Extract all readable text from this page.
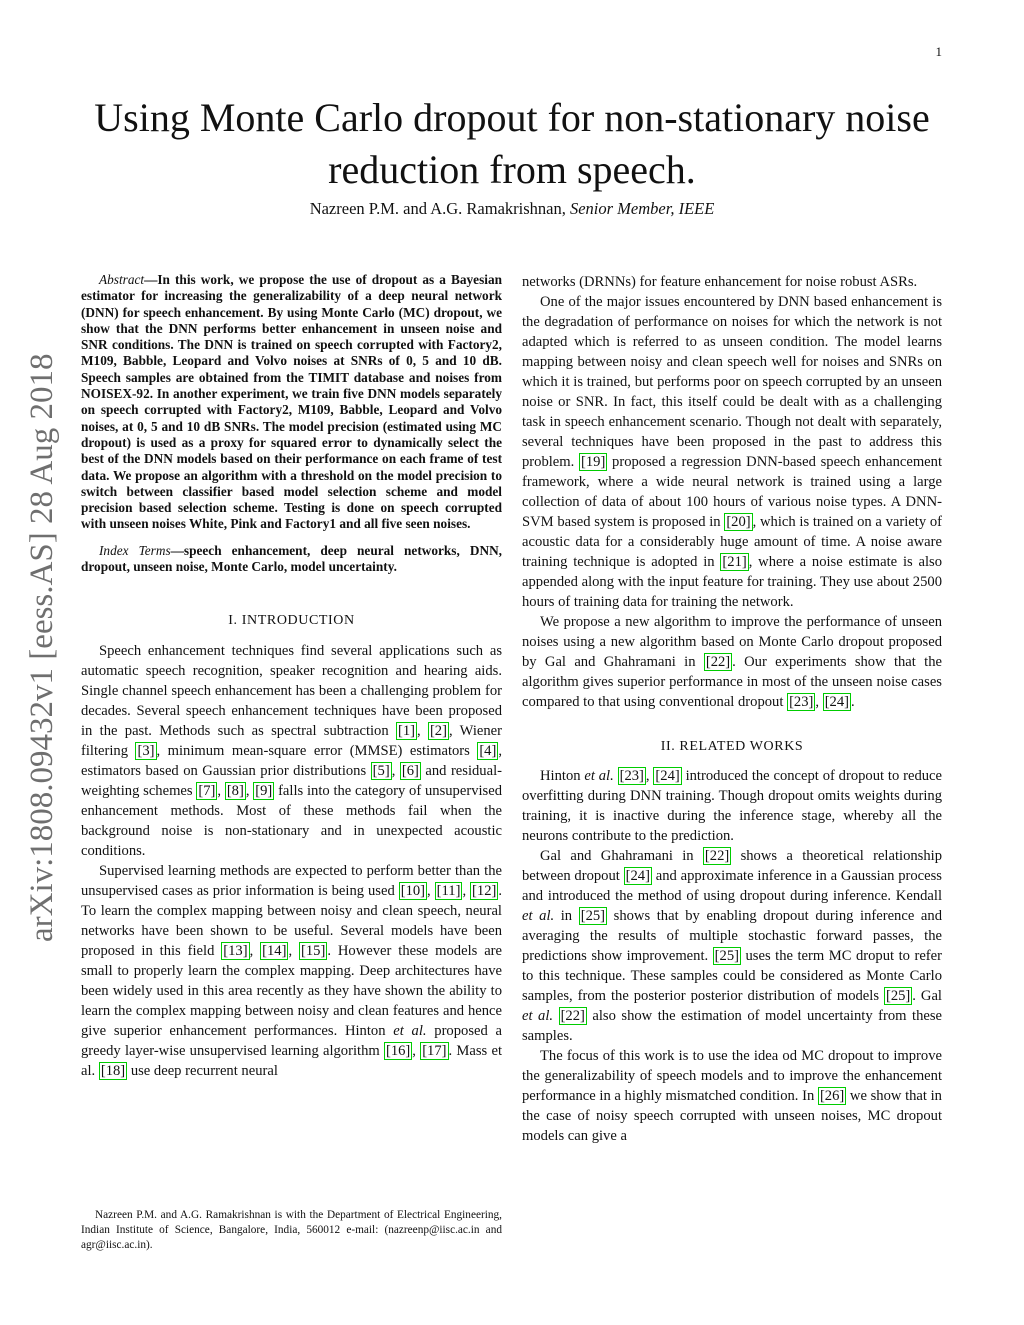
1
arXiv:1808.09432v1 [eess.AS] 28 Aug 2018
Using Monte Carlo dropout for non-stationary noise reduction from speech.
Nazreen P.M. and A.G. Ramakrishnan, Senior Member, IEEE

Abstract—In this work, we propose the use of dropout as a Bayesian estimator for increasing the generalizability of a deep neural network (DNN) for speech enhancement. By using Monte Carlo (MC) dropout, we show that the DNN performs better enhancement in unseen noise and SNR conditions. The DNN is trained on speech corrupted with Factory2, M109, Babble, Leopard and Volvo noises at SNRs of 0, 5 and 10 dB. Speech samples are obtained from the TIMIT database and noises from NOISEX-92. In another experiment, we train five DNN models separately on speech corrupted with Factory2, M109, Babble, Leopard and Volvo noises, at 0, 5 and 10 dB SNRs. The model precision (estimated using MC dropout) is used as a proxy for squared error to dynamically select the best of the DNN models based on their performance on each frame of test data. We propose an algorithm with a threshold on the model precision to switch between classifier based model selection scheme and model precision based selection scheme. Testing is done on speech corrupted with unseen noises White, Pink and Factory1 and all five seen noises.

Index Terms—speech enhancement, deep neural networks, DNN, dropout, unseen noise, Monte Carlo, model uncertainty.

I. INTRODUCTION

Speech enhancement techniques find several applications such as automatic speech recognition, speaker recognition and hearing aids. Single channel speech enhancement has been a challenging problem for decades. Several speech enhancement techniques have been proposed in the past. Methods such as spectral subtraction [1] , [2] , Wiener filtering [3] , minimum mean-square error (MMSE) estimators [4] , estimators based on Gaussian prior distributions [5] , [6] and residual-weighting schemes [7] , [8] , [9] falls into the category of unsupervised enhancement methods. Most of these methods fail when the background noise is non-stationary and in unexpected acoustic conditions.

Supervised learning methods are expected to perform better than the unsupervised cases as prior information is being used [10] , [11] , [12] . To learn the complex mapping between noisy and clean speech, neural networks have been shown to be useful. Several models have been proposed in this field [13] , [14] , [15] . However these models are small to properly learn the complex mapping. Deep architectures have been widely used in this area recently as they have shown the ability to learn the complex mapping between noisy and clean features and hence give superior enhancement performances. Hinton et al. proposed a greedy layer-wise unsupervised learning algorithm [16] , [17] . Mass et al. [18] use deep recurrent neural

networks (DRNNs) for feature enhancement for noise robust ASRs.

One of the major issues encountered by DNN based enhancement is the degradation of performance on noises for which the network is not adapted which is referred to as unseen condition. The model learns mapping between noisy and clean speech well for noises and SNRs on which it is trained, but performs poor on speech corrupted by an unseen noise or SNR. In fact, this itself could be dealt with as a challenging task in speech enhancement scenario. Though not dealt with separately, several techniques have been proposed in the past to address this problem. [19] proposed a regression DNN-based speech enhancement framework, where a wide neural network is trained using a large collection of data of about 100 hours of various noise types. A DNN-SVM based system is proposed in [20] , which is trained on a variety of acoustic data for a considerably huge amount of time. A noise aware training technique is adopted in [21] , where a noise estimate is also appended along with the input feature for training. They use about 2500 hours of training data for training the network.

We propose a new algorithm to improve the performance of unseen noises using a new algorithm based on Monte Carlo dropout proposed by Gal and Ghahramani in [22] . Our experiments show that the algorithm gives superior performance in most of the unseen noise cases compared to that using conventional dropout [23] , [24] .

II. RELATED WORKS

Hinton et al. [23] , [24] introduced the concept of dropout to reduce overfitting during DNN training. Though dropout omits weights during training, it is inactive during the inference stage, whereby all the neurons contribute to the prediction.

Gal and Ghahramani in [22] shows a theoretical relationship between dropout [24] and approximate inference in a Gaussian process and introduced the method of using dropout during inference. Kendall et al. in [25] shows that by enabling dropout during inference and averaging the results of multiple stochastic forward passes, the predictions show improvement. [25] uses the term MC droput to refer to this technique. These samples could be considered as Monte Carlo samples, from the posterior posterior distribution of models [25] . Gal et al. [22] also show the estimation of model uncertainty from these samples.

The focus of this work is to use the idea od MC dropout to improve the generalizability of speech models and to improve the enhancement performance in a highly mismatched condition. In [26] we show that in the case of noisy speech corrupted with unseen noises, MC dropout models can give a

Nazreen P.M. and A.G. Ramakrishnan is with the Department of Electrical Engineering, Indian Institute of Science, Bangalore, India, 560012 e-mail: (nazreenp@iisc.ac.in and agr@iisc.ac.in).
